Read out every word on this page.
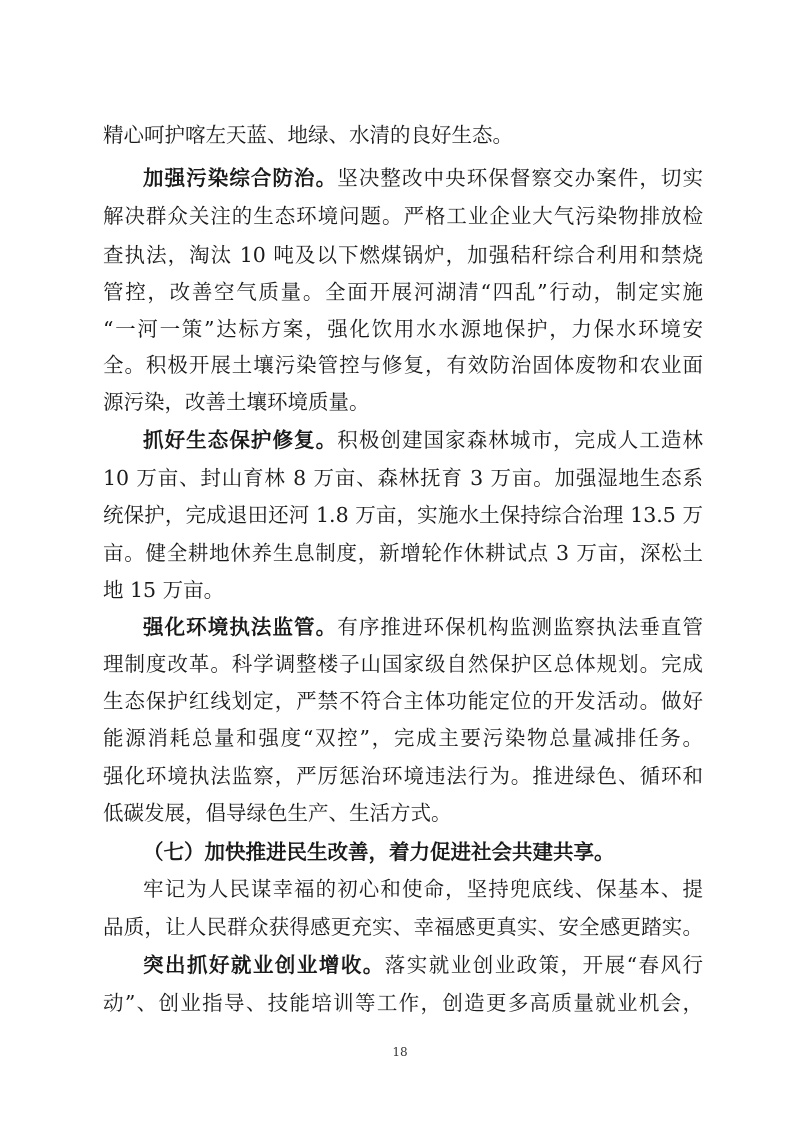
精心呵护喀左天蓝、地绿、水清的良好生态。
加强污染综合防治。坚决整改中央环保督察交办案件，切实
解决群众关注的生态环境问题。严格工业企业大气污染物排放检
查执法，淘汰 10 吨及以下燃煤锅炉，加强秸秆综合利用和禁烧
管控，改善空气质量。全面开展河湖清“四乱”行动，制定实施
“一河一策”达标方案，强化饮用水水源地保护，力保水环境安
全。积极开展土壤污染管控与修复，有效防治固体废物和农业面
源污染，改善土壤环境质量。
抓好生态保护修复。积极创建国家森林城市，完成人工造林
10 万亩、封山育林 8 万亩、森林抚育 3 万亩。加强湿地生态系
统保护，完成退田还河 1.8 万亩，实施水土保持综合治理 13.5 万
亩。健全耕地休养生息制度，新增轮作休耕试点 3 万亩，深松土
地 15 万亩。
强化环境执法监管。有序推进环保机构监测监察执法垂直管
理制度改革。科学调整楼子山国家级自然保护区总体规划。完成
生态保护红线划定，严禁不符合主体功能定位的开发活动。做好
能源消耗总量和强度“双控”，完成主要污染物总量减排任务。
强化环境执法监察，严厉惩治环境违法行为。推进绿色、循环和
低碳发展，倡导绿色生产、生活方式。
（七）加快推进民生改善，着力促进社会共建共享。
牢记为人民谋幸福的初心和使命，坚持兜底线、保基本、提
品质，让人民群众获得感更充实、幸福感更真实、安全感更踏实。
突出抓好就业创业增收。落实就业创业政策，开展“春风行
动”、创业指导、技能培训等工作，创造更多高质量就业机会，
18
